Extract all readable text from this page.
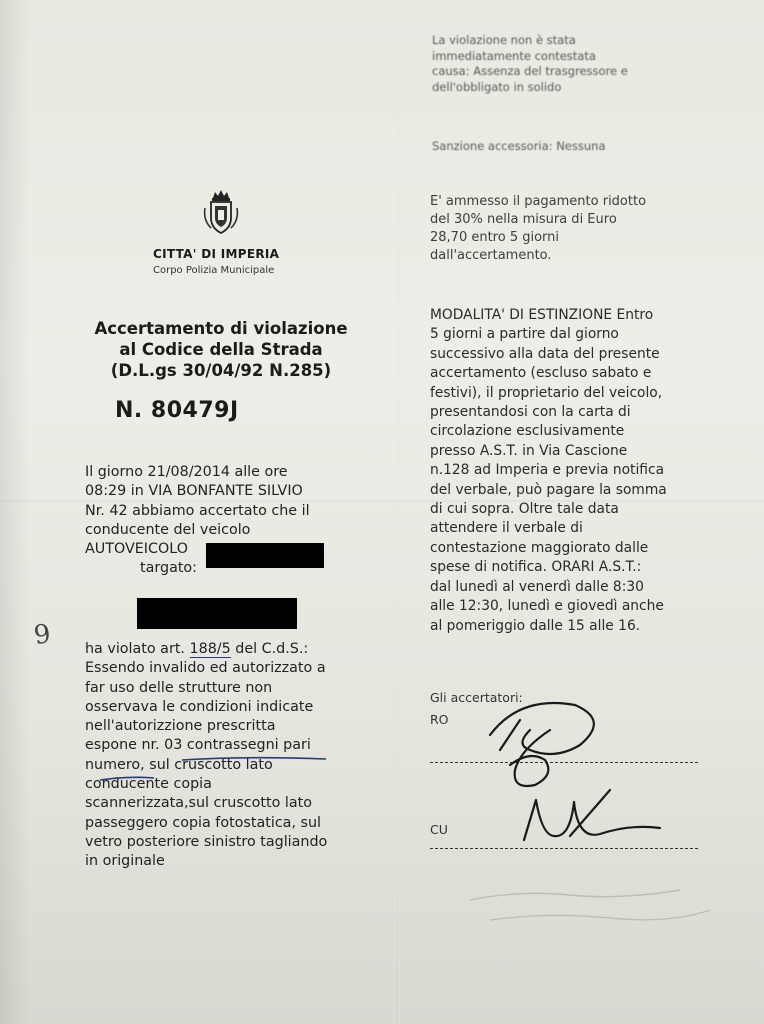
CITTA' DI IMPERIA
Corpo Polizia Municipale
Accertamento di violazione
al Codice della Strada
(D.L.gs 30/04/92 N.285)
N. 80479J
Il giorno 21/08/2014 alle ore
08:29 in VIA BONFANTE SILVIO
Nr. 42 abbiamo accertato che il
conducente del veicolo
AUTOVEICOLO
targato:
9 ha violato art. 188/5 del C.d.S.:
Essendo invalido ed autorizzato a
far uso delle strutture non
osservava le condizioni indicate
nell'autorizzione prescritta
espone nr. 03 contrassegni pari
numero, sul cruscotto lato
conducente copia
scannerizzata,sul cruscotto lato
passeggero copia fotostatica, sul
vetro posteriore sinistro tagliando
in originale
La violazione non è stata
immediatamente contestata
causa: Assenza del trasgressore e
dell'obbligato in solido
Sanzione accessoria: Nessuna
E' ammesso il pagamento ridotto
del 30% nella misura di Euro
28,70 entro 5 giorni
dall'accertamento.
MODALITA' DI ESTINZIONE Entro
5 giorni a partire dal giorno
successivo alla data del presente
accertamento (escluso sabato e
festivi), il proprietario del veicolo,
presentandosi con la carta di
circolazione esclusivamente
presso A.S.T. in Via Cascione
n.128 ad Imperia e previa notifica
del verbale, può pagare la somma
di cui sopra. Oltre tale data
attendere il verbale di
contestazione maggiorato dalle
spese di notifica. ORARI A.S.T.:
dal lunedì al venerdì dalle 8:30
alle 12:30, lunedì e giovedì anche
al pomeriggio dalle 15 alle 16.
Gli accertatori:
RO
CU
